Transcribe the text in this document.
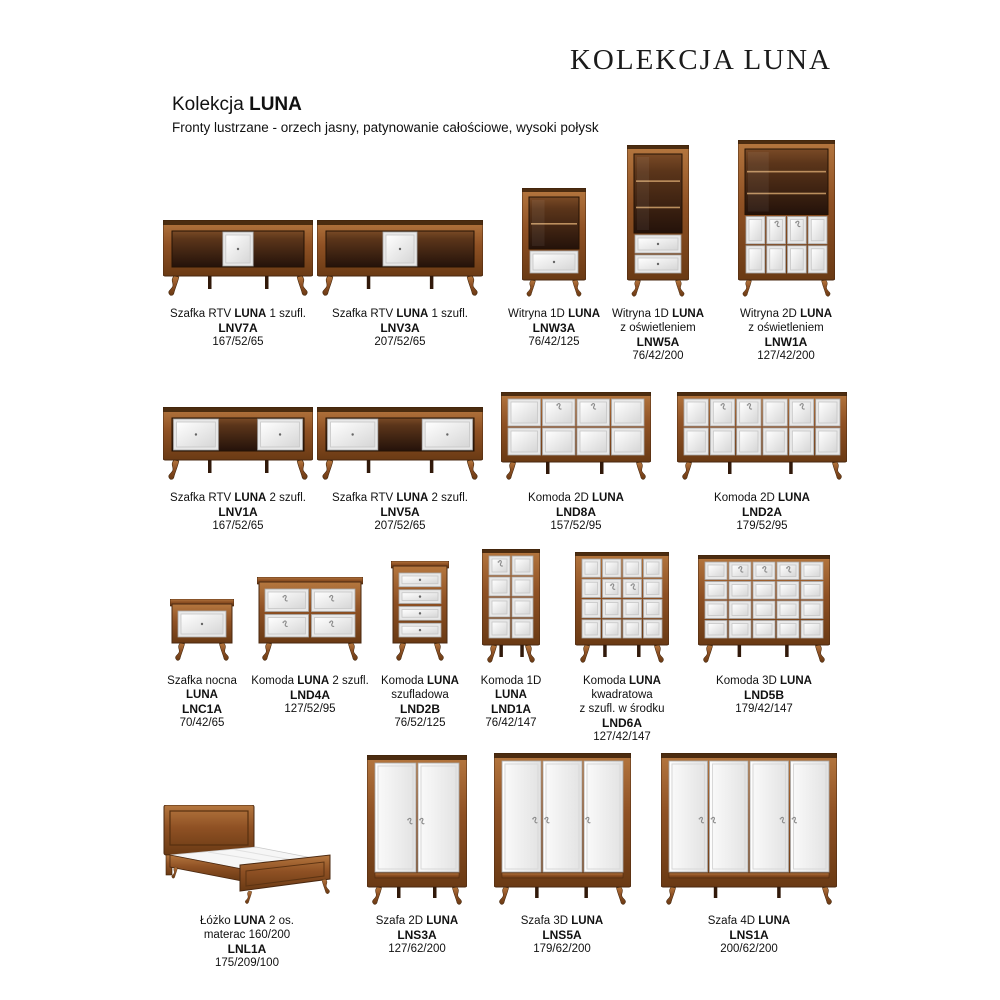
KOLEKCJA LUNA
Kolekcja LUNA
Fronty lustrzane - orzech jasny, patynowanie całościowe, wysoki połysk
Szafka RTV LUNA 1 szufl.
LNV7A
167/52/65
Szafka RTV LUNA 1 szufl.
LNV3A
207/52/65
Witryna 1D LUNA
LNW3A
76/42/125
Witryna 1D LUNA
z oświetleniem
LNW5A
76/42/200
Witryna 2D LUNA
z oświetleniem
LNW1A
127/42/200
Szafka RTV LUNA 2 szufl.
LNV1A
167/52/65
Szafka RTV LUNA 2 szufl.
LNV5A
207/52/65
Komoda 2D LUNA
LND8A
157/52/95
Komoda 2D LUNA
LND2A
179/52/95
Szafka nocna
LUNA
LNC1A
70/42/65
Komoda LUNA 2 szufl.
LND4A
127/52/95
Komoda LUNA
szufladowa
LND2B
76/52/125
Komoda 1D
LUNA
LND1A
76/42/147
Komoda LUNA
kwadratowa
z szufl. w środku
LND6A
127/42/147
Komoda 3D LUNA
LND5B
179/42/147
Łóżko LUNA 2 os.
materac 160/200
LNL1A
175/209/100
Szafa 2D LUNA
LNS3A
127/62/200
Szafa 3D LUNA
LNS5A
179/62/200
Szafa 4D LUNA
LNS1A
200/62/200
